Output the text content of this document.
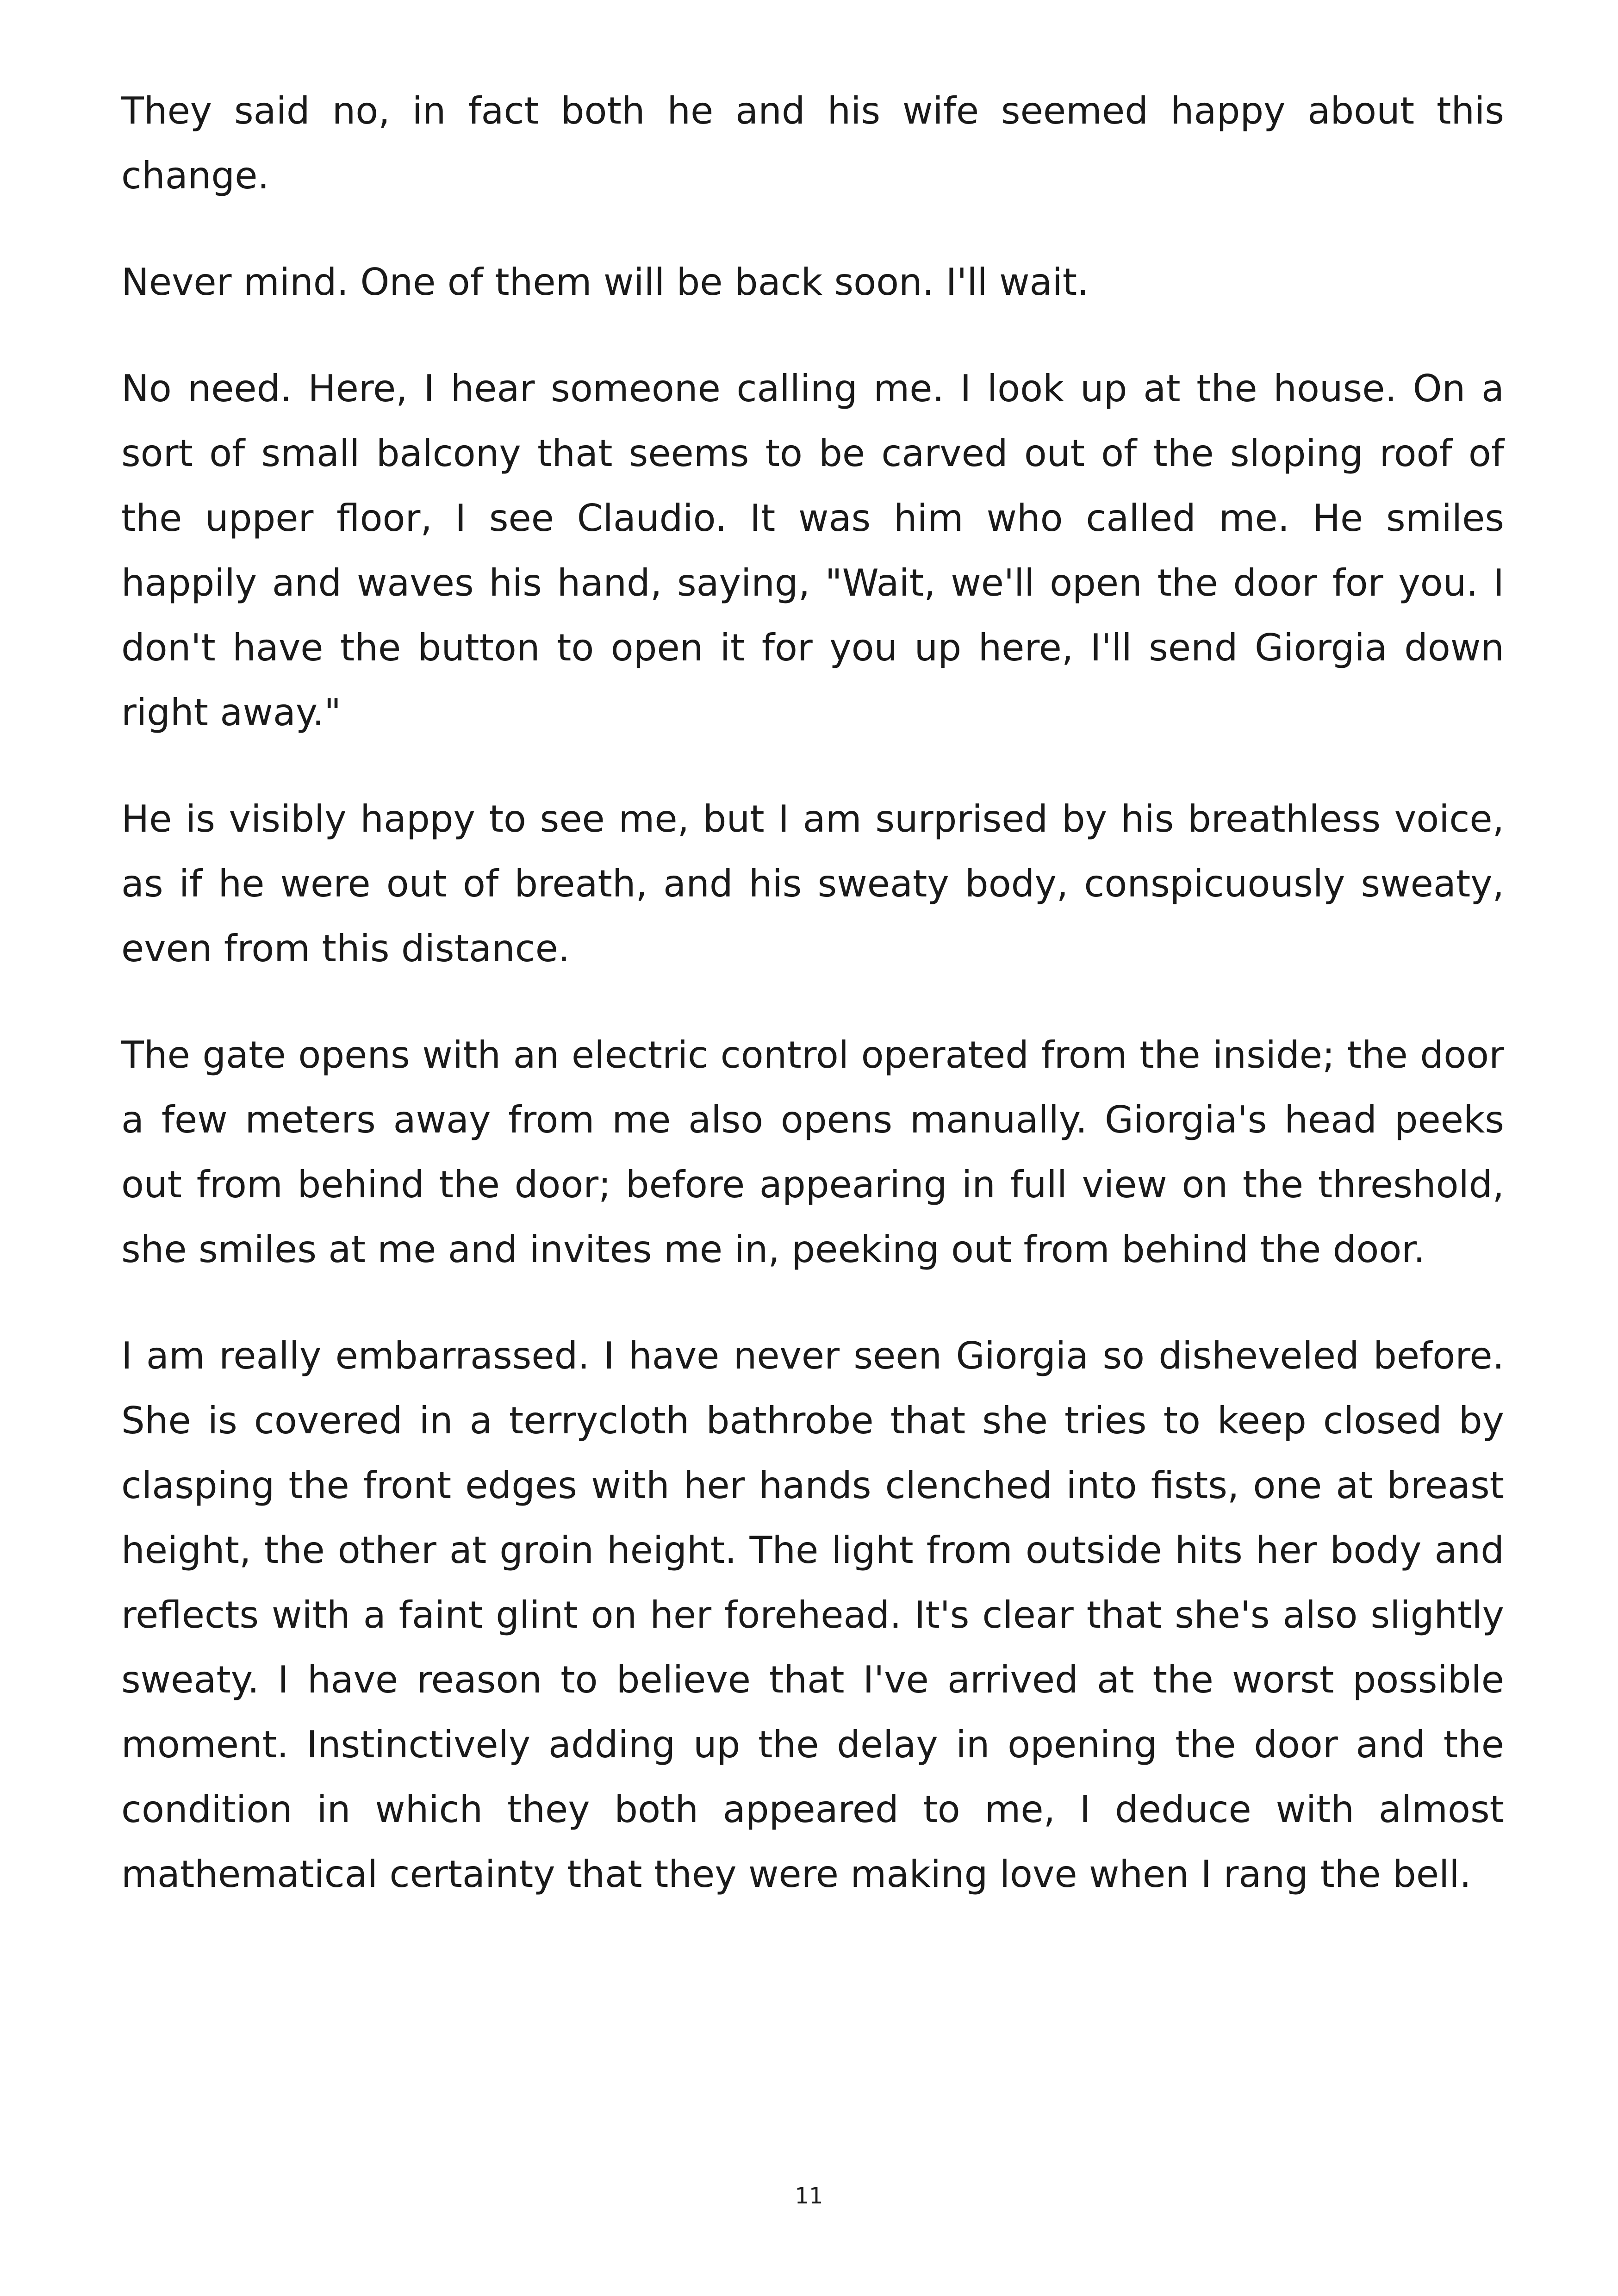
They said no, in fact both he and his wife seemed happy about this change.

Never mind. One of them will be back soon. I'll wait.

No need. Here, I hear someone calling me. I look up at the house. On a sort of small balcony that seems to be carved out of the sloping roof of the upper floor, I see Claudio. It was him who called me. He smiles happily and waves his hand, saying, "Wait, we'll open the door for you. I don't have the button to open it for you up here, I'll send Giorgia down right away."

He is visibly happy to see me, but I am surprised by his breathless voice, as if he were out of breath, and his sweaty body, conspicuously sweaty, even from this distance.

The gate opens with an electric control operated from the inside; the door a few meters away from me also opens manually. Giorgia's head peeks out from behind the door; before appearing in full view on the threshold, she smiles at me and invites me in, peeking out from behind the door.

I am really embarrassed. I have never seen Giorgia so disheveled before. She is covered in a terrycloth bathrobe that she tries to keep closed by clasping the front edges with her hands clenched into fists, one at breast height, the other at groin height. The light from outside hits her body and reflects with a faint glint on her forehead. It's clear that she's also slightly sweaty. I have reason to believe that I've arrived at the worst possible moment. Instinctively adding up the delay in opening the door and the condition in which they both appeared to me, I deduce with almost mathematical certainty that they were making love when I rang the bell.

11
